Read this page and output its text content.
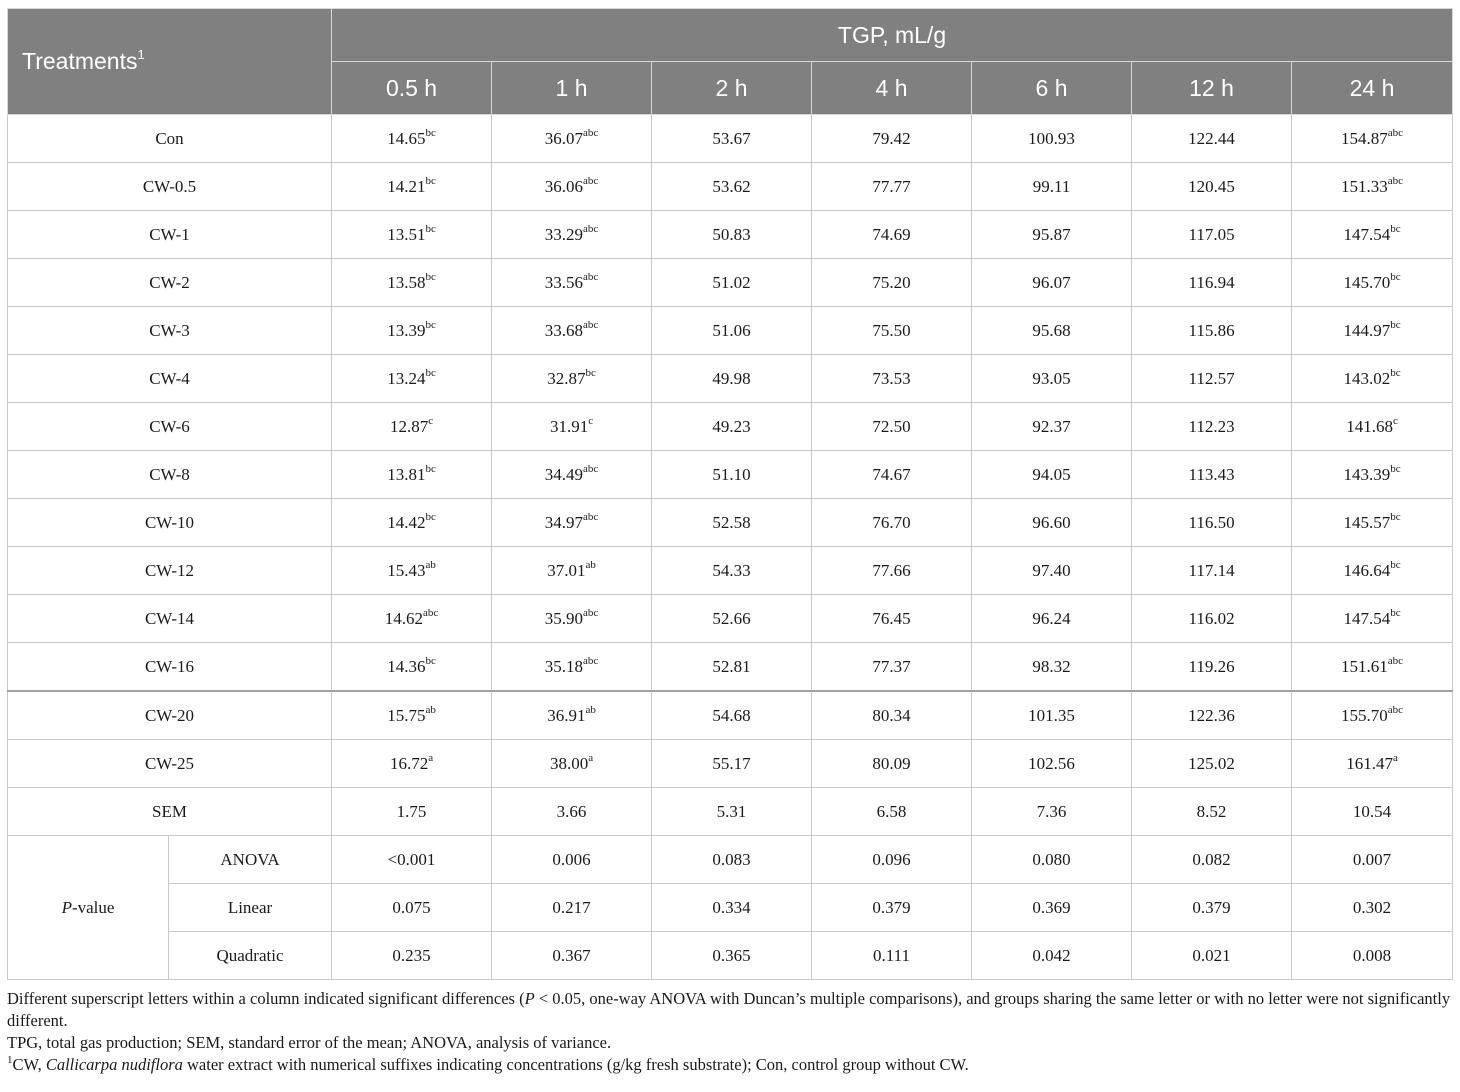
Treatments$^1$		TGP, mL/g						
		0.5 h	1 h	2 h	4 h	6 h	12 h	24 h
Con		14.65$^{bc}$	36.07$^{abc}$	53.67	79.42	100.93	122.44	154.87$^{abc}$
CW-0.5		14.21$^{bc}$	36.06$^{abc}$	53.62	77.77	99.11	120.45	151.33$^{abc}$
CW-1		13.51$^{bc}$	33.29$^{abc}$	50.83	74.69	95.87	117.05	147.54$^{bc}$
CW-2		13.58$^{bc}$	33.56$^{abc}$	51.02	75.20	96.07	116.94	145.70$^{bc}$
CW-3		13.39$^{bc}$	33.68$^{abc}$	51.06	75.50	95.68	115.86	144.97$^{bc}$
CW-4		13.24$^{bc}$	32.87$^{bc}$	49.98	73.53	93.05	112.57	143.02$^{bc}$
CW-6		12.87$^c$	31.91$^c$	49.23	72.50	92.37	112.23	141.68$^c$
CW-8		13.81$^{bc}$	34.49$^{abc}$	51.10	74.67	94.05	113.43	143.39$^{bc}$
CW-10		14.42$^{bc}$	34.97$^{abc}$	52.58	76.70	96.60	116.50	145.57$^{bc}$
CW-12		15.43$^{ab}$	37.01$^{ab}$	54.33	77.66	97.40	117.14	146.64$^{bc}$
CW-14		14.62$^{abc}$	35.90$^{abc}$	52.66	76.45	96.24	116.02	147.54$^{bc}$
CW-16		14.36$^{bc}$	35.18$^{abc}$	52.81	77.37	98.32	119.26	151.61$^{abc}$
CW-20		15.75$^{ab}$	36.91$^{ab}$	54.68	80.34	101.35	122.36	155.70$^{abc}$
CW-25		16.72$^a$	38.00$^a$	55.17	80.09	102.56	125.02	161.47$^a$
SEM		1.75	3.66	5.31	6.58	7.36	8.52	10.54
P-value	ANOVA	<0.001	0.006	0.083	0.096	0.080	0.082	0.007
	Linear	0.075	0.217	0.334	0.379	0.369	0.379	0.302
	Quadratic	0.235	0.367	0.365	0.111	0.042	0.021	0.008

Different superscript letters within a column indicated significant differences (P < 0.05, one-way ANOVA with Duncan’s multiple comparisons), and groups sharing the same letter or with no letter were not significantly different.

TPG, total gas production; SEM, standard error of the mean; ANOVA, analysis of variance.

$^1$CW, Callicarpa nudiflora water extract with numerical suffixes indicating concentrations (g/kg fresh substrate); Con, control group without CW.
